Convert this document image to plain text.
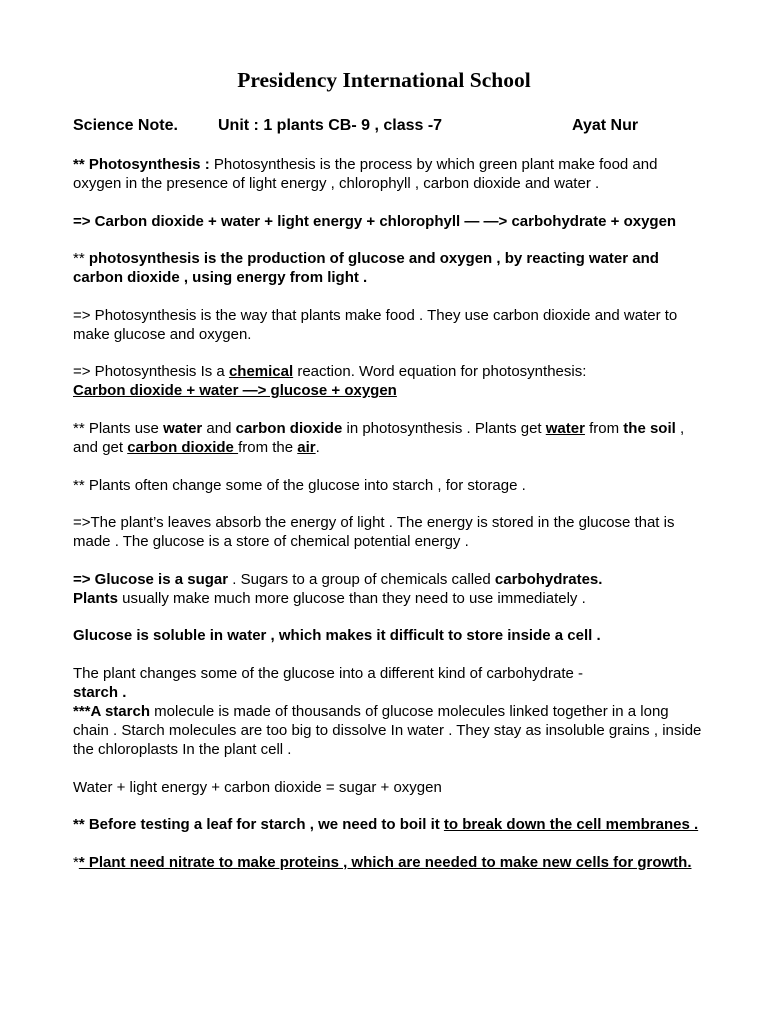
Presidency International School
Science Note.	Unit : 1 plants CB- 9 , class -7	Ayat Nur

** Photosynthesis : Photosynthesis is the process by which green plant make food and oxygen in the presence of light energy , chlorophyll , carbon dioxide and water .

=> Carbon dioxide + water + light energy + chlorophyll — —> carbohydrate + oxygen

** photosynthesis is the production of glucose and oxygen , by reacting water and carbon dioxide , using energy from light .

=> Photosynthesis is the way that plants make food . They use carbon dioxide and water to make glucose and oxygen.

=> Photosynthesis Is a chemical reaction. Word equation for photosynthesis:
Carbon dioxide + water —> glucose + oxygen

** Plants use water and carbon dioxide in photosynthesis . Plants get water from the soil , and get carbon dioxide from the air.

** Plants often change some of the glucose into starch , for storage .

=>The plant’s leaves absorb the energy of light . The energy is stored in the glucose that is made . The glucose is a store of chemical potential energy .

=> Glucose is a sugar . Sugars to a group of chemicals called carbohydrates.
Plants usually make much more glucose than they need to use immediately .

Glucose is soluble in water , which makes it difficult to store inside a cell .

The plant changes some of the glucose into a different kind of carbohydrate -
starch .
***A starch molecule is made of thousands of glucose molecules linked together in a long chain . Starch molecules are too big to dissolve In water . They stay as insoluble grains , inside the chloroplasts In the plant cell .

Water + light energy + carbon dioxide = sugar + oxygen

** Before testing a leaf for starch , we need to boil it to break down the cell membranes .

** Plant need nitrate to make proteins , which are needed to make new cells for growth.
